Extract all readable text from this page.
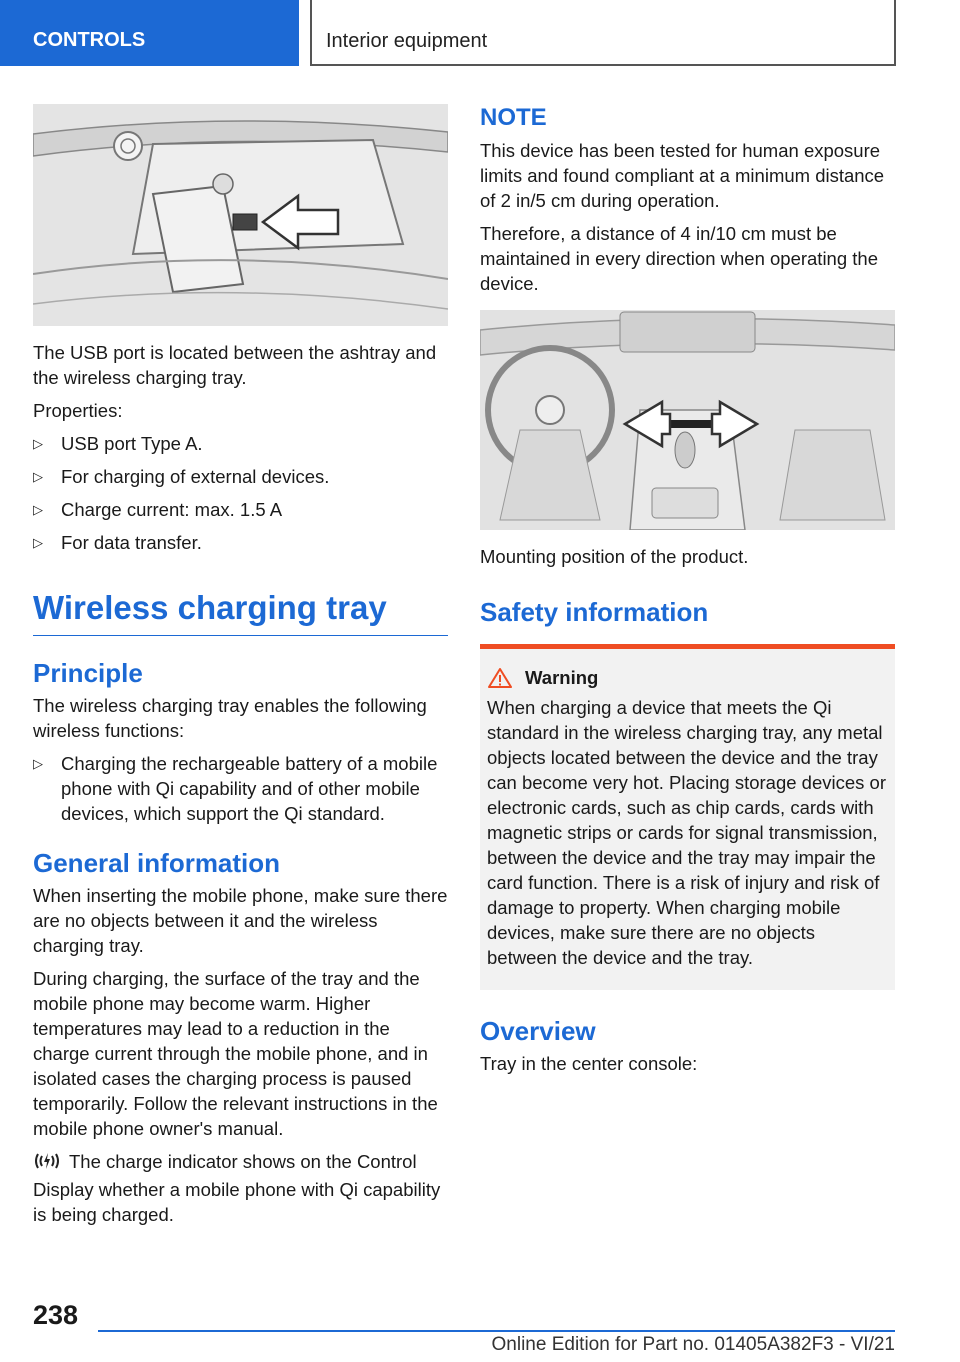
CONTROLS	Interior equipment

The USB port is located between the ashtray and the wireless charging tray.

Properties:

▷ USB port Type A.
▷ For charging of external devices.
▷ Charge current: max. 1.5 A
▷ For data transfer.
Wireless charging tray
Principle

The wireless charging tray enables the following wireless functions:

▷ Charging the rechargeable battery of a mobile phone with Qi capability and of other mobile devices, which support the Qi standard.
General information

When inserting the mobile phone, make sure there are no objects between it and the wireless charging tray.

During charging, the surface of the tray and the mobile phone may become warm. Higher temperatures may lead to a reduction in the charge current through the mobile phone, and in isolated cases the charging process is paused temporarily. Follow the relevant instructions in the mobile phone owner's manual.

The charge indicator shows on the Control Display whether a mobile phone with Qi capability is being charged.

NOTE

This device has been tested for human exposure limits and found compliant at a minimum distance of 2 in/5 cm during operation.

Therefore, a distance of 4 in/10 cm must be maintained in every direction when operating the device.

Mounting position of the product.

Safety information
Warning

When charging a device that meets the Qi standard in the wireless charging tray, any metal objects located between the device and the tray can become very hot. Placing storage devices or electronic cards, such as chip cards, cards with magnetic strips or cards for signal transmission, between the device and the tray may impair the card function. There is a risk of injury and risk of damage to property. When charging mobile devices, make sure there are no objects between the device and the tray.

Overview

Tray in the center console:

238
Online Edition for Part no. 01405A382F3 - VI/21
